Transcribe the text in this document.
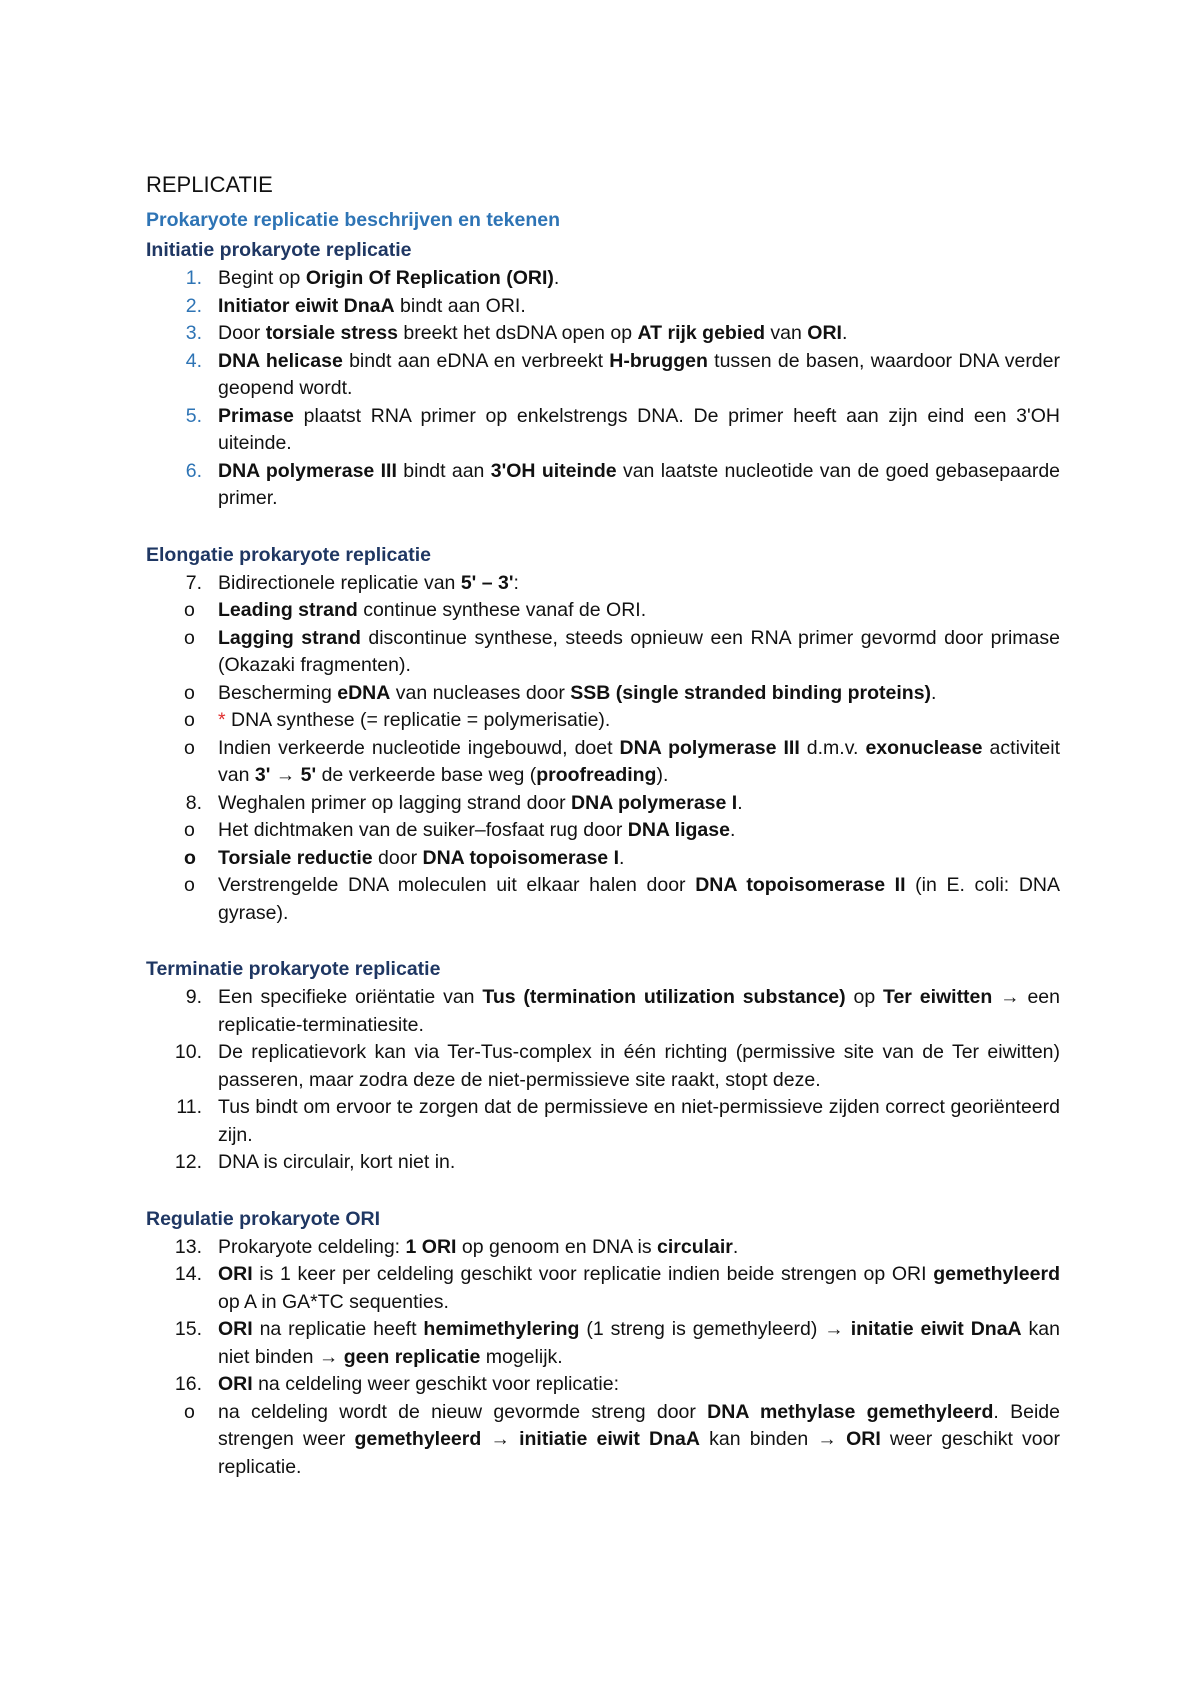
REPLICATIE
Prokaryote replicatie beschrijven en tekenen
Initiatie prokaryote replicatie
1. Begint op Origin Of Replication (ORI).
2. Initiator eiwit DnaA bindt aan ORI.
3. Door torsiale stress breekt het dsDNA open op AT rijk gebied van ORI.
4. DNA helicase bindt aan eDNA en verbreekt H-bruggen tussen de basen, waardoor DNA verder geopend wordt.
5. Primase plaatst RNA primer op enkelstrengs DNA. De primer heeft aan zijn eind een 3'OH uiteinde.
6. DNA polymerase III bindt aan 3'OH uiteinde van laatste nucleotide van de goed gebasepaarde primer.
Elongatie prokaryote replicatie
7. Bidirectionele replicatie van 5' – 3':
o Leading strand continue synthese vanaf de ORI.
o Lagging strand discontinue synthese, steeds opnieuw een RNA primer gevormd door primase (Okazaki fragmenten).
o Bescherming eDNA van nucleases door SSB (single stranded binding proteins).
o * DNA synthese (= replicatie = polymerisatie).
o Indien verkeerde nucleotide ingebouwd, doet DNA polymerase III d.m.v. exonuclease activiteit van 3' → 5' de verkeerde base weg (proofreading).
8. Weghalen primer op lagging strand door DNA polymerase I.
o Het dichtmaken van de suiker–fosfaat rug door DNA ligase.
o Torsiale reductie door DNA topoisomerase I.
o Verstrengelde DNA moleculen uit elkaar halen door DNA topoisomerase II (in E. coli: DNA gyrase).
Terminatie prokaryote replicatie
9. Een specifieke oriëntatie van Tus (termination utilization substance) op Ter eiwitten → een replicatie-terminatiesite.
10. De replicatievork kan via Ter-Tus-complex in één richting (permissive site van de Ter eiwitten) passeren, maar zodra deze de niet-permissieve site raakt, stopt deze.
11. Tus bindt om ervoor te zorgen dat de permissieve en niet-permissieve zijden correct georiënteerd zijn.
12. DNA is circulair, kort niet in.
Regulatie prokaryote ORI
13. Prokaryote celdeling: 1 ORI op genoom en DNA is circulair.
14. ORI is 1 keer per celdeling geschikt voor replicatie indien beide strengen op ORI gemethyleerd op A in GA*TC sequenties.
15. ORI na replicatie heeft hemimethylering (1 streng is gemethyleerd) → initatie eiwit DnaA kan niet binden → geen replicatie mogelijk.
16. ORI na celdeling weer geschikt voor replicatie:
o na celdeling wordt de nieuw gevormde streng door DNA methylase gemethyleerd. Beide strengen weer gemethyleerd → initiatie eiwit DnaA kan binden → ORI weer geschikt voor replicatie.
